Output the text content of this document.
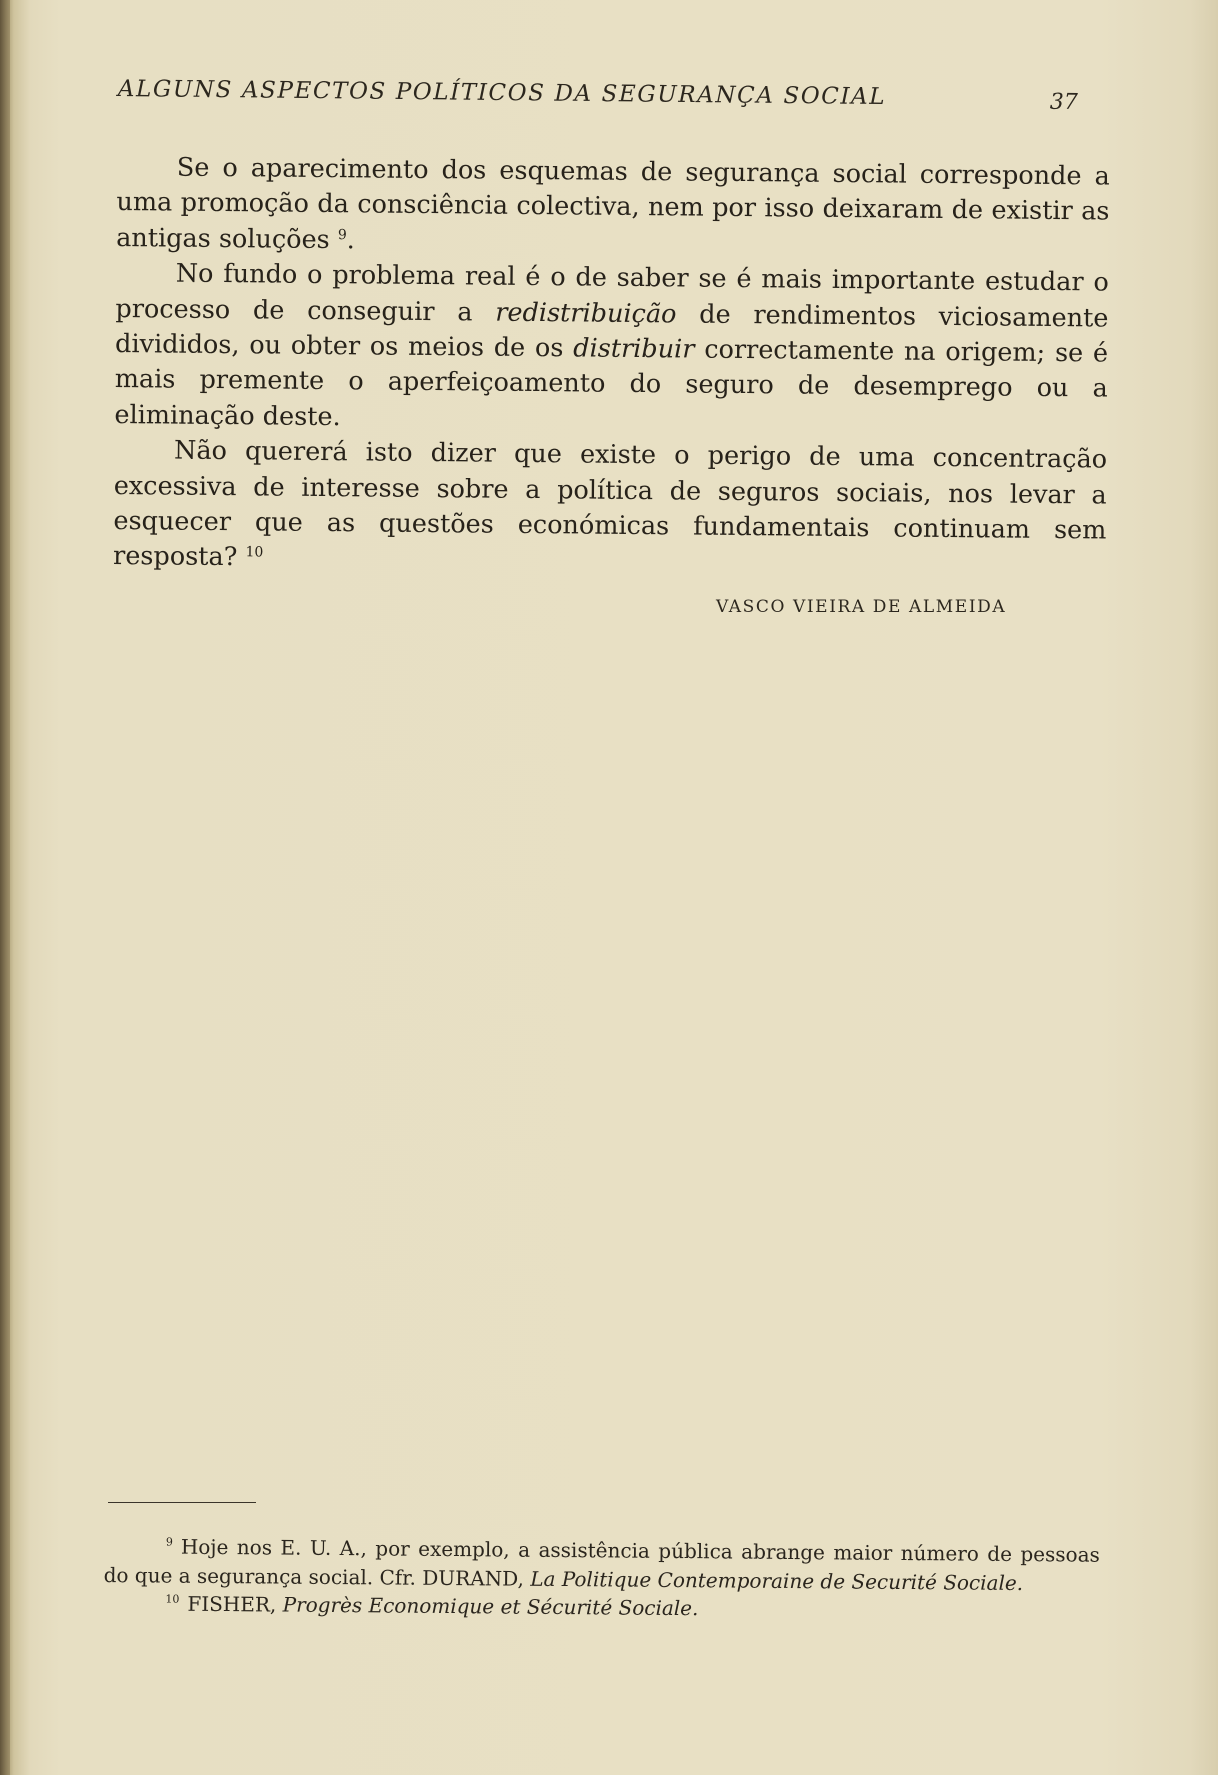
ALGUNS ASPECTOS POLÍTICOS DA SEGURANÇA SOCIAL	37

Se o aparecimento dos esquemas de segurança social corresponde a uma promoção da consciência colectiva, nem por isso deixaram de existir as antigas soluções $^9$.

No fundo o problema real é o de saber se é mais importante estudar o processo de conseguir a redistribuição de rendimentos viciosamente divididos, ou obter os meios de os distribuir correctamente na origem; se é mais premente o aperfeiçoamento do seguro de desemprego ou a eliminação deste.

Não quererá isto dizer que existe o perigo de uma concentração excessiva de interesse sobre a política de seguros sociais, nos levar a esquecer que as questões económicas fundamentais continuam sem resposta? $^{10}$

VASCO VIEIRA DE ALMEIDA

$^9$ Hoje nos E. U. A., por exemplo, a assistência pública abrange maior número de pessoas do que a segurança social. Cfr. DURAND, La Politique Contemporaine de Securité Sociale.

$^{10}$ FISHER, Progrès Economique et Sécurité Sociale.
